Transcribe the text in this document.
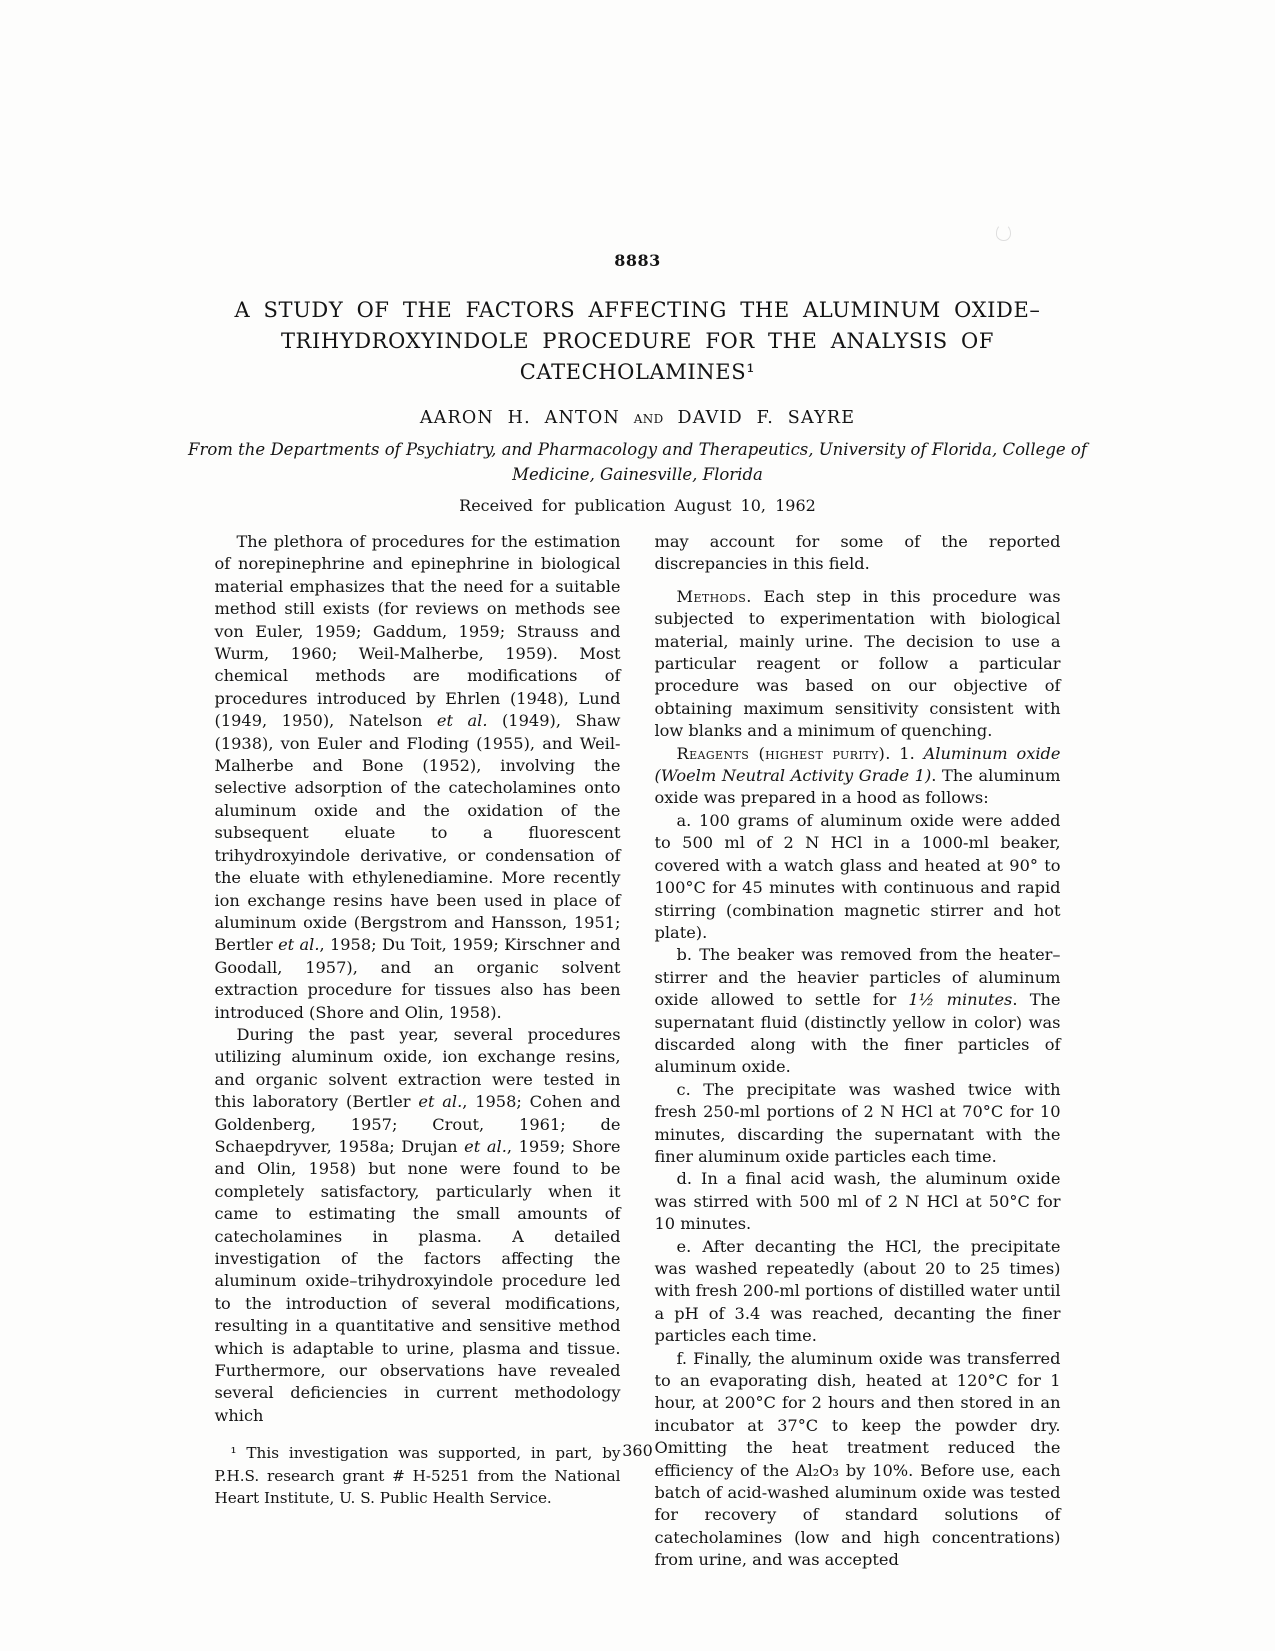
8883
A STUDY OF THE FACTORS AFFECTING THE ALUMINUM OXIDE–
TRIHYDROXYINDOLE PROCEDURE FOR THE ANALYSIS OF
CATECHOLAMINES¹
AARON H. ANTON and DAVID F. SAYRE
From the Departments of Psychiatry, and Pharmacology and Therapeutics, University of Florida, College of
Medicine, Gainesville, Florida
Received for publication August 10, 1962

The plethora of procedures for the estimation of norepinephrine and epinephrine in biological material emphasizes that the need for a suitable method still exists (for reviews on methods see von Euler, 1959; Gaddum, 1959; Strauss and Wurm, 1960; Weil-Malherbe, 1959). Most chemical methods are modifications of procedures introduced by Ehrlen (1948), Lund (1949, 1950), Natelson et al. (1949), Shaw (1938), von Euler and Floding (1955), and Weil-Malherbe and Bone (1952), involving the selective adsorption of the catecholamines onto aluminum oxide and the oxidation of the subsequent eluate to a fluorescent trihydroxyindole derivative, or condensation of the eluate with ethylenediamine. More recently ion exchange resins have been used in place of aluminum oxide (Bergstrom and Hansson, 1951; Bertler et al., 1958; Du Toit, 1959; Kirschner and Goodall, 1957), and an organic solvent extraction procedure for tissues also has been introduced (Shore and Olin, 1958).

During the past year, several procedures utilizing aluminum oxide, ion exchange resins, and organic solvent extraction were tested in this laboratory (Bertler et al., 1958; Cohen and Goldenberg, 1957; Crout, 1961; de Schaepdryver, 1958a; Drujan et al., 1959; Shore and Olin, 1958) but none were found to be completely satisfactory, particularly when it came to estimating the small amounts of catecholamines in plasma. A detailed investigation of the factors affecting the aluminum oxide–trihydroxyindole procedure led to the introduction of several modifications, resulting in a quantitative and sensitive method which is adaptable to urine, plasma and tissue. Furthermore, our observations have revealed several deficiencies in current methodology which

¹ This investigation was supported, in part, by P.H.S. research grant # H-5251 from the National Heart Institute, U. S. Public Health Service.

may account for some of the reported discrepancies in this field.

Methods. Each step in this procedure was subjected to experimentation with biological material, mainly urine. The decision to use a particular reagent or follow a particular procedure was based on our objective of obtaining maximum sensitivity consistent with low blanks and a minimum of quenching.

Reagents (highest purity). 1. Aluminum oxide (Woelm Neutral Activity Grade 1). The aluminum oxide was prepared in a hood as follows:

a. 100 grams of aluminum oxide were added to 500 ml of 2 N HCl in a 1000-ml beaker, covered with a watch glass and heated at 90° to 100°C for 45 minutes with continuous and rapid stirring (combination magnetic stirrer and hot plate).

b. The beaker was removed from the heater–stirrer and the heavier particles of aluminum oxide allowed to settle for 1½ minutes. The supernatant fluid (distinctly yellow in color) was discarded along with the finer particles of aluminum oxide.

c. The precipitate was washed twice with fresh 250-ml portions of 2 N HCl at 70°C for 10 minutes, discarding the supernatant with the finer aluminum oxide particles each time.

d. In a final acid wash, the aluminum oxide was stirred with 500 ml of 2 N HCl at 50°C for 10 minutes.

e. After decanting the HCl, the precipitate was washed repeatedly (about 20 to 25 times) with fresh 200-ml portions of distilled water until a pH of 3.4 was reached, decanting the finer particles each time.

f. Finally, the aluminum oxide was transferred to an evaporating dish, heated at 120°C for 1 hour, at 200°C for 2 hours and then stored in an incubator at 37°C to keep the powder dry. Omitting the heat treatment reduced the efficiency of the Al₂O₃ by 10%. Before use, each batch of acid-washed aluminum oxide was tested for recovery of standard solutions of catecholamines (low and high concentrations) from urine, and was accepted

360
